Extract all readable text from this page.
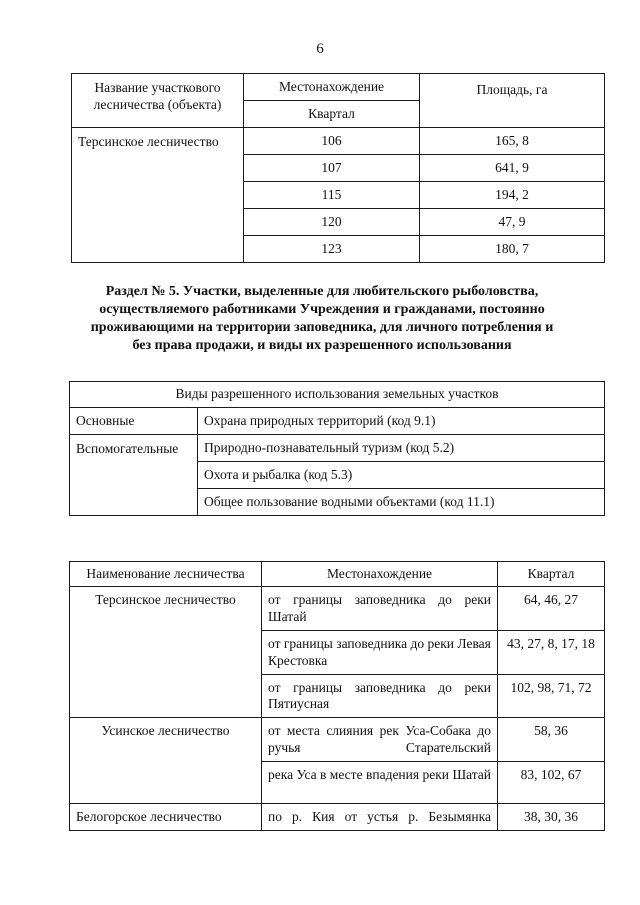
6
Название участкового лесничества (объекта)	Местонахождение	Площадь, га
	Квартал	
Терсинское лесничество	106	165, 8
	107	641, 9
	115	194, 2
	120	47, 9
	123	180, 7
Раздел № 5. Участки, выделенные для любительского рыболовства, осуществляемого работниками Учреждения и гражданами, постоянно проживающими на территории заповедника, для личного потребления и без права продажи, и виды их разрешенного использования
Виды разрешенного использования земельных участков	
Основные	Охрана природных территорий (код 9.1)
Вспомогательные	Природно-познавательный туризм (код 5.2)
	Охота и рыбалка (код 5.3)
	Общее пользование водными объектами (код 11.1)
Наименование лесничества	Местонахождение	Квартал
Терсинское лесничество	от границы заповедника до реки Шатай	64, 46, 27
	от границы заповедника до реки Левая Крестовка	43, 27, 8, 17, 18
	от границы заповедника до реки Пятиусная	102, 98, 71, 72
Усинское лесничество	от места слияния рек Уса-Собака до ручья Старательский	58, 36
	река Уса в месте впадения реки Шатай	83, 102, 67
Белогорское лесничество	по р. Кия от устья р. Безымянка	38, 30, 36
